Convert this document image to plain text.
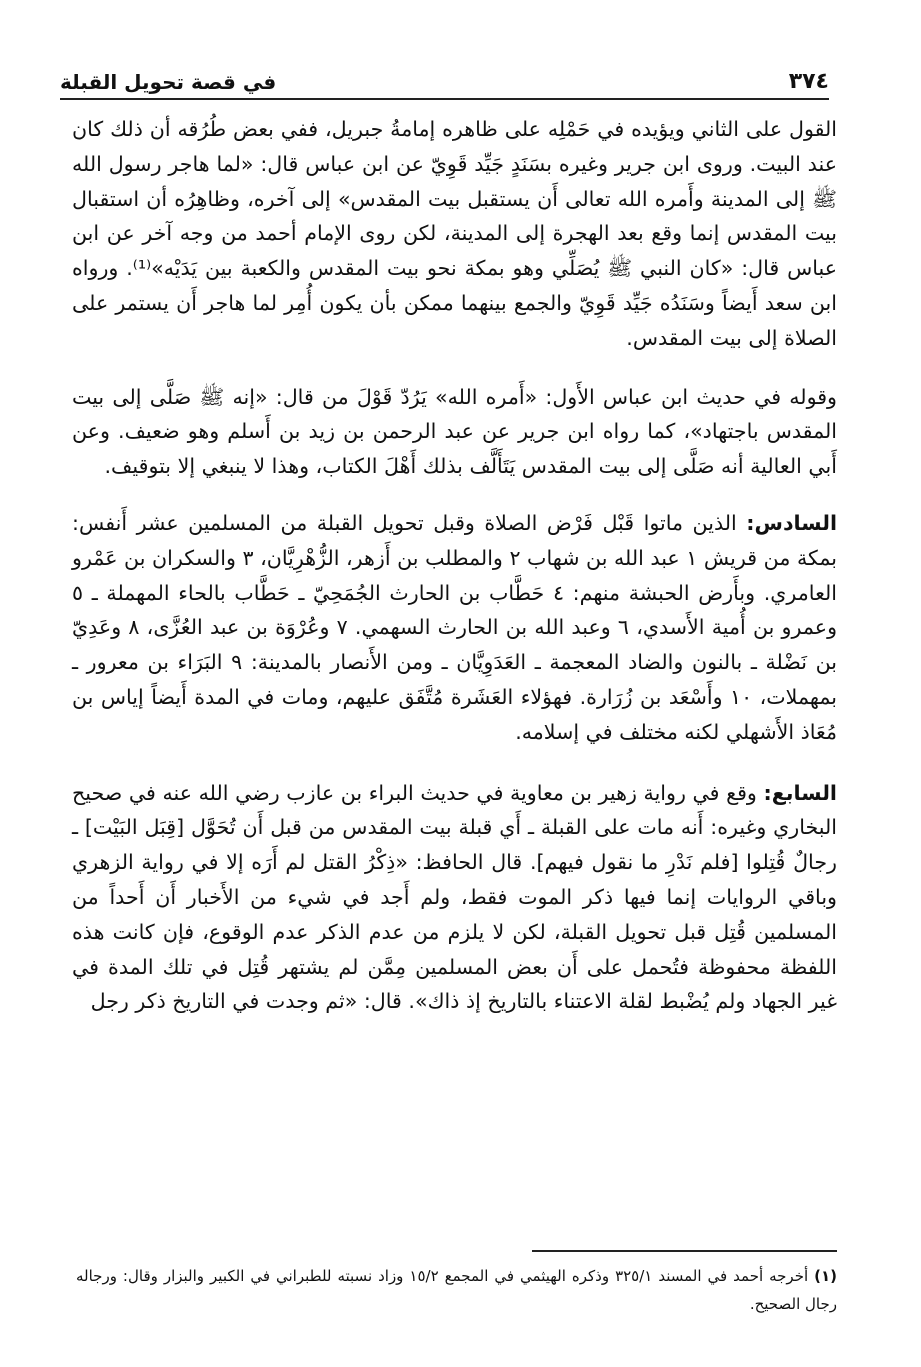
٣٧٤
في قصة تحويل القبلة

القول على الثاني ويؤيده في حَمْلِه على ظاهره إمامةُ جبريل، ففي بعض طُرُقه أن ذلك كان عند البيت. وروى ابن جرير وغيره بسَنَدٍ جَيِّد قَوِيّ عن ابن عباس قال: «لما هاجر رسول الله ﷺ إلى المدينة وأَمره الله تعالى أَن يستقبل بيت المقدس» إلى آخره، وظاهِرُه أن استقبال بيت المقدس إنما وقع بعد الهجرة إلى المدينة، لكن روى الإمام أحمد من وجه آخر عن ابن عباس قال: «كان النبي ﷺ يُصَلِّي وهو بمكة نحو بيت المقدس والكعبة بين يَدَيْه»⁽¹⁾. ورواه ابن سعد أَيضاً وسَنَدُه جَيِّد قَوِيّ والجمع بينهما ممكن بأن يكون أُمِر لما هاجر أَن يستمر على الصلاة إلى بيت المقدس.

وقوله في حديث ابن عباس الأَول: «أَمره الله» يَرُدّ قَوْلَ من قال: «إنه ﷺ صَلَّى إلى بيت المقدس باجتهاد»، كما رواه ابن جرير عن عبد الرحمن بن زيد بن أَسلم وهو ضعيف. وعن أَبي العالية أنه صَلَّى إلى بيت المقدس يَتَأَلَّف بذلك أَهْلَ الكتاب، وهذا لا ينبغي إلا بتوقيف.

السادس: الذين ماتوا قَبْل فَرْض الصلاة وقبل تحويل القبلة من المسلمين عشر أَنفس: بمكة من قريش ١ عبد الله بن شهاب ٢ والمطلب بن أَزهر، الزُّهْرِيَّان، ٣ والسكران بن عَمْرو العامري. وبأَرض الحبشة منهم: ٤ حَطَّاب بن الحارث الجُمَحِيّ ـ حَطَّاب بالحاء المهملة ـ ٥ وعمرو بن أُمية الأَسدي، ٦ وعبد الله بن الحارث السهمي. ٧ وعُرْوَة بن عبد العُزَّى، ٨ وعَدِيّ بن نَضْلة ـ بالنون والضاد المعجمة ـ العَدَوِيَّان ـ ومن الأَنصار بالمدينة: ٩ البَرَاء بن معرور ـ بمهملات، ١٠ وأَسْعَد بن زُرَارة. فهؤلاء العَشَرة مُتَّفَق عليهم، ومات في المدة أَيضاً إياس بن مُعَاذ الأَشهلي لكنه مختلف في إسلامه.

السابع: وقع في رواية زهير بن معاوية في حديث البراء بن عازب رضي الله عنه في صحيح البخاري وغيره: أَنه مات على القبلة ـ أَي قبلة بيت المقدس من قبل أَن تُحَوَّل [قِبَل البَيْت] ـ رجالٌ قُتِلوا [فلم نَدْرِ ما نقول فيهم]. قال الحافظ: «ذِكْرُ القتل لم أَرَه إلا في رواية الزهري وباقي الروايات إنما فيها ذكر الموت فقط، ولم أَجد في شيء من الأَخبار أَن أَحداً من المسلمين قُتِل قبل تحويل القبلة، لكن لا يلزم من عدم الذكر عدم الوقوع، فإن كانت هذه اللفظة محفوظة فتُحمل على أَن بعض المسلمين مِمَّن لم يشتهر قُتِل في تلك المدة في غير الجهاد ولم يُضْبط لقلة الاعتناء بالتاريخ إذ ذاك». قال: «ثم وجدت في التاريخ ذكر رجل

(١) أخرجه أحمد في المسند ٣٢٥/١ وذكره الهيثمي في المجمع ١٥/٢ وزاد نسبته للطبراني في الكبير والبزار وقال: ورجاله رجال الصحيح.
